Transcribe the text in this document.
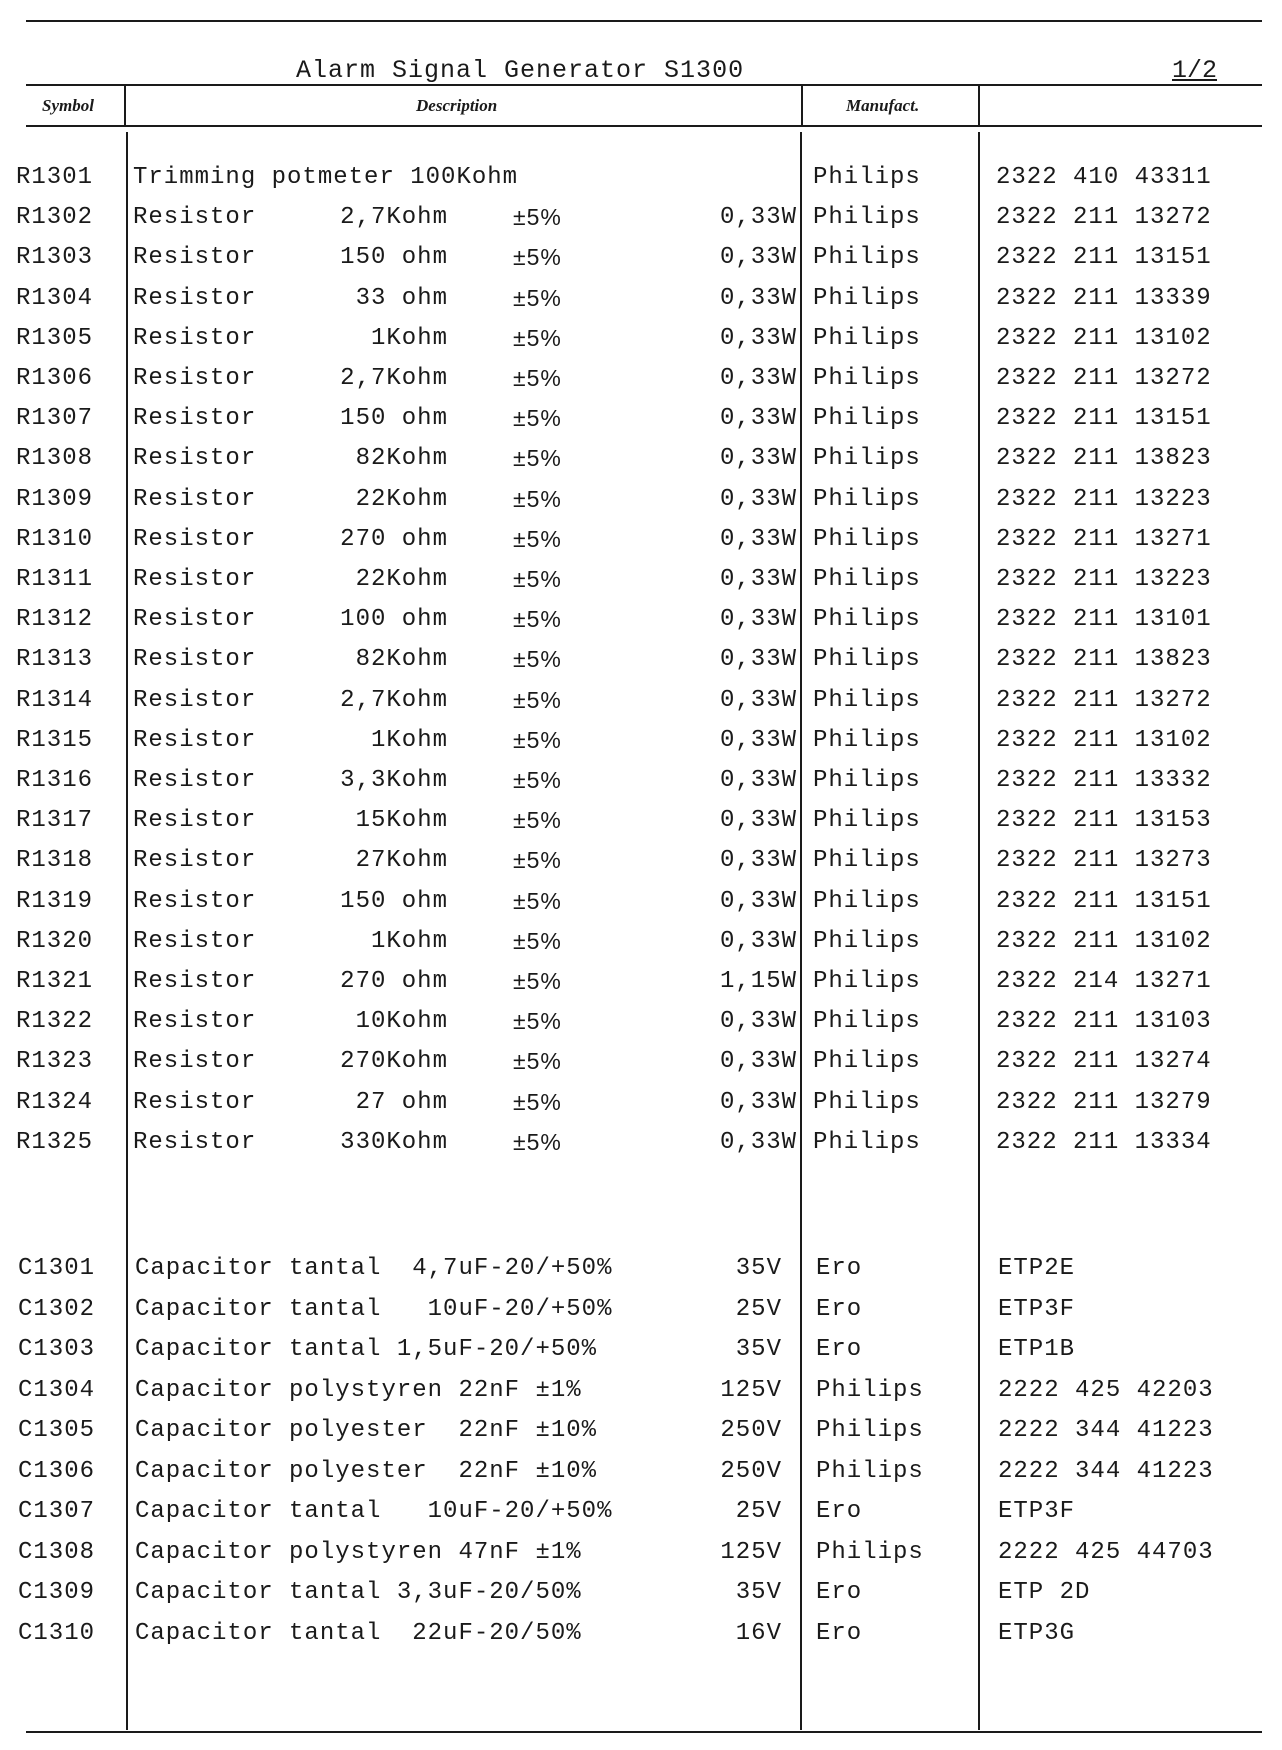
Alarm Signal Generator S1300	1/2
Symbol	Description	Manufact.
R1301 Trimming potmeter 100Kohm	Philips	2322 410 43311
R1302 Resistor	2,7Kohm	±5%	0,33W Philips	2322 211 13272
R1303 Resistor	150 ohm	±5%	0,33W Philips	2322 211 13151
R1304 Resistor	33 ohm	±5%	0,33W Philips	2322 211 13339
R1305 Resistor	1Kohm	±5%	0,33W Philips	2322 211 13102
R1306 Resistor	2,7Kohm	±5%	0,33W Philips	2322 211 13272
R1307 Resistor	150 ohm	±5%	0,33W Philips	2322 211 13151
R1308 Resistor	82Kohm	±5%	0,33W Philips	2322 211 13823
R1309 Resistor	22Kohm	±5%	0,33W Philips	2322 211 13223
R1310 Resistor	270 ohm	±5%	0,33W Philips	2322 211 13271
R1311 Resistor	22Kohm	±5%	0,33W Philips	2322 211 13223
R1312 Resistor	100 ohm	±5%	0,33W Philips	2322 211 13101
R1313 Resistor	82Kohm	±5%	0,33W Philips	2322 211 13823
R1314 Resistor	2,7Kohm	±5%	0,33W Philips	2322 211 13272
R1315 Resistor	1Kohm	±5%	0,33W Philips	2322 211 13102
R1316 Resistor	3,3Kohm	±5%	0,33W Philips	2322 211 13332
R1317 Resistor	15Kohm	±5%	0,33W Philips	2322 211 13153
R1318 Resistor	27Kohm	±5%	0,33W Philips	2322 211 13273
R1319 Resistor	150 ohm	±5%	0,33W Philips	2322 211 13151
R1320 Resistor	1Kohm	±5%	0,33W Philips	2322 211 13102
R1321 Resistor	270 ohm	±5%	1,15W Philips	2322 214 13271
R1322 Resistor	10Kohm	±5%	0,33W Philips	2322 211 13103
R1323 Resistor	270Kohm	±5%	0,33W Philips	2322 211 13274
R1324 Resistor	27 ohm	±5%	0,33W Philips	2322 211 13279
R1325 Resistor	330Kohm	±5%	0,33W Philips	2322 211 13334
C1301 Capacitor tantal  4,7uF-20/+50%	35V Ero	ETP2E
C1302 Capacitor tantal   10uF-20/+50%	25V Ero	ETP3F
C1303 Capacitor tantal 1,5uF-20/+50%	35V Ero	ETP1B
C1304 Capacitor polystyren 22nF ±1%	125V Philips	2222 425 42203
C1305 Capacitor polyester  22nF ±10%	250V Philips	2222 344 41223
C1306 Capacitor polyester  22nF ±10%	250V Philips	2222 344 41223
C1307 Capacitor tantal   10uF-20/+50%	25V Ero	ETP3F
C1308 Capacitor polystyren 47nF ±1%	125V Philips	2222 425 44703
C1309 Capacitor tantal 3,3uF-20/50%	35V Ero	ETP 2D
C1310 Capacitor tantal  22uF-20/50%	16V Ero	ETP3G
